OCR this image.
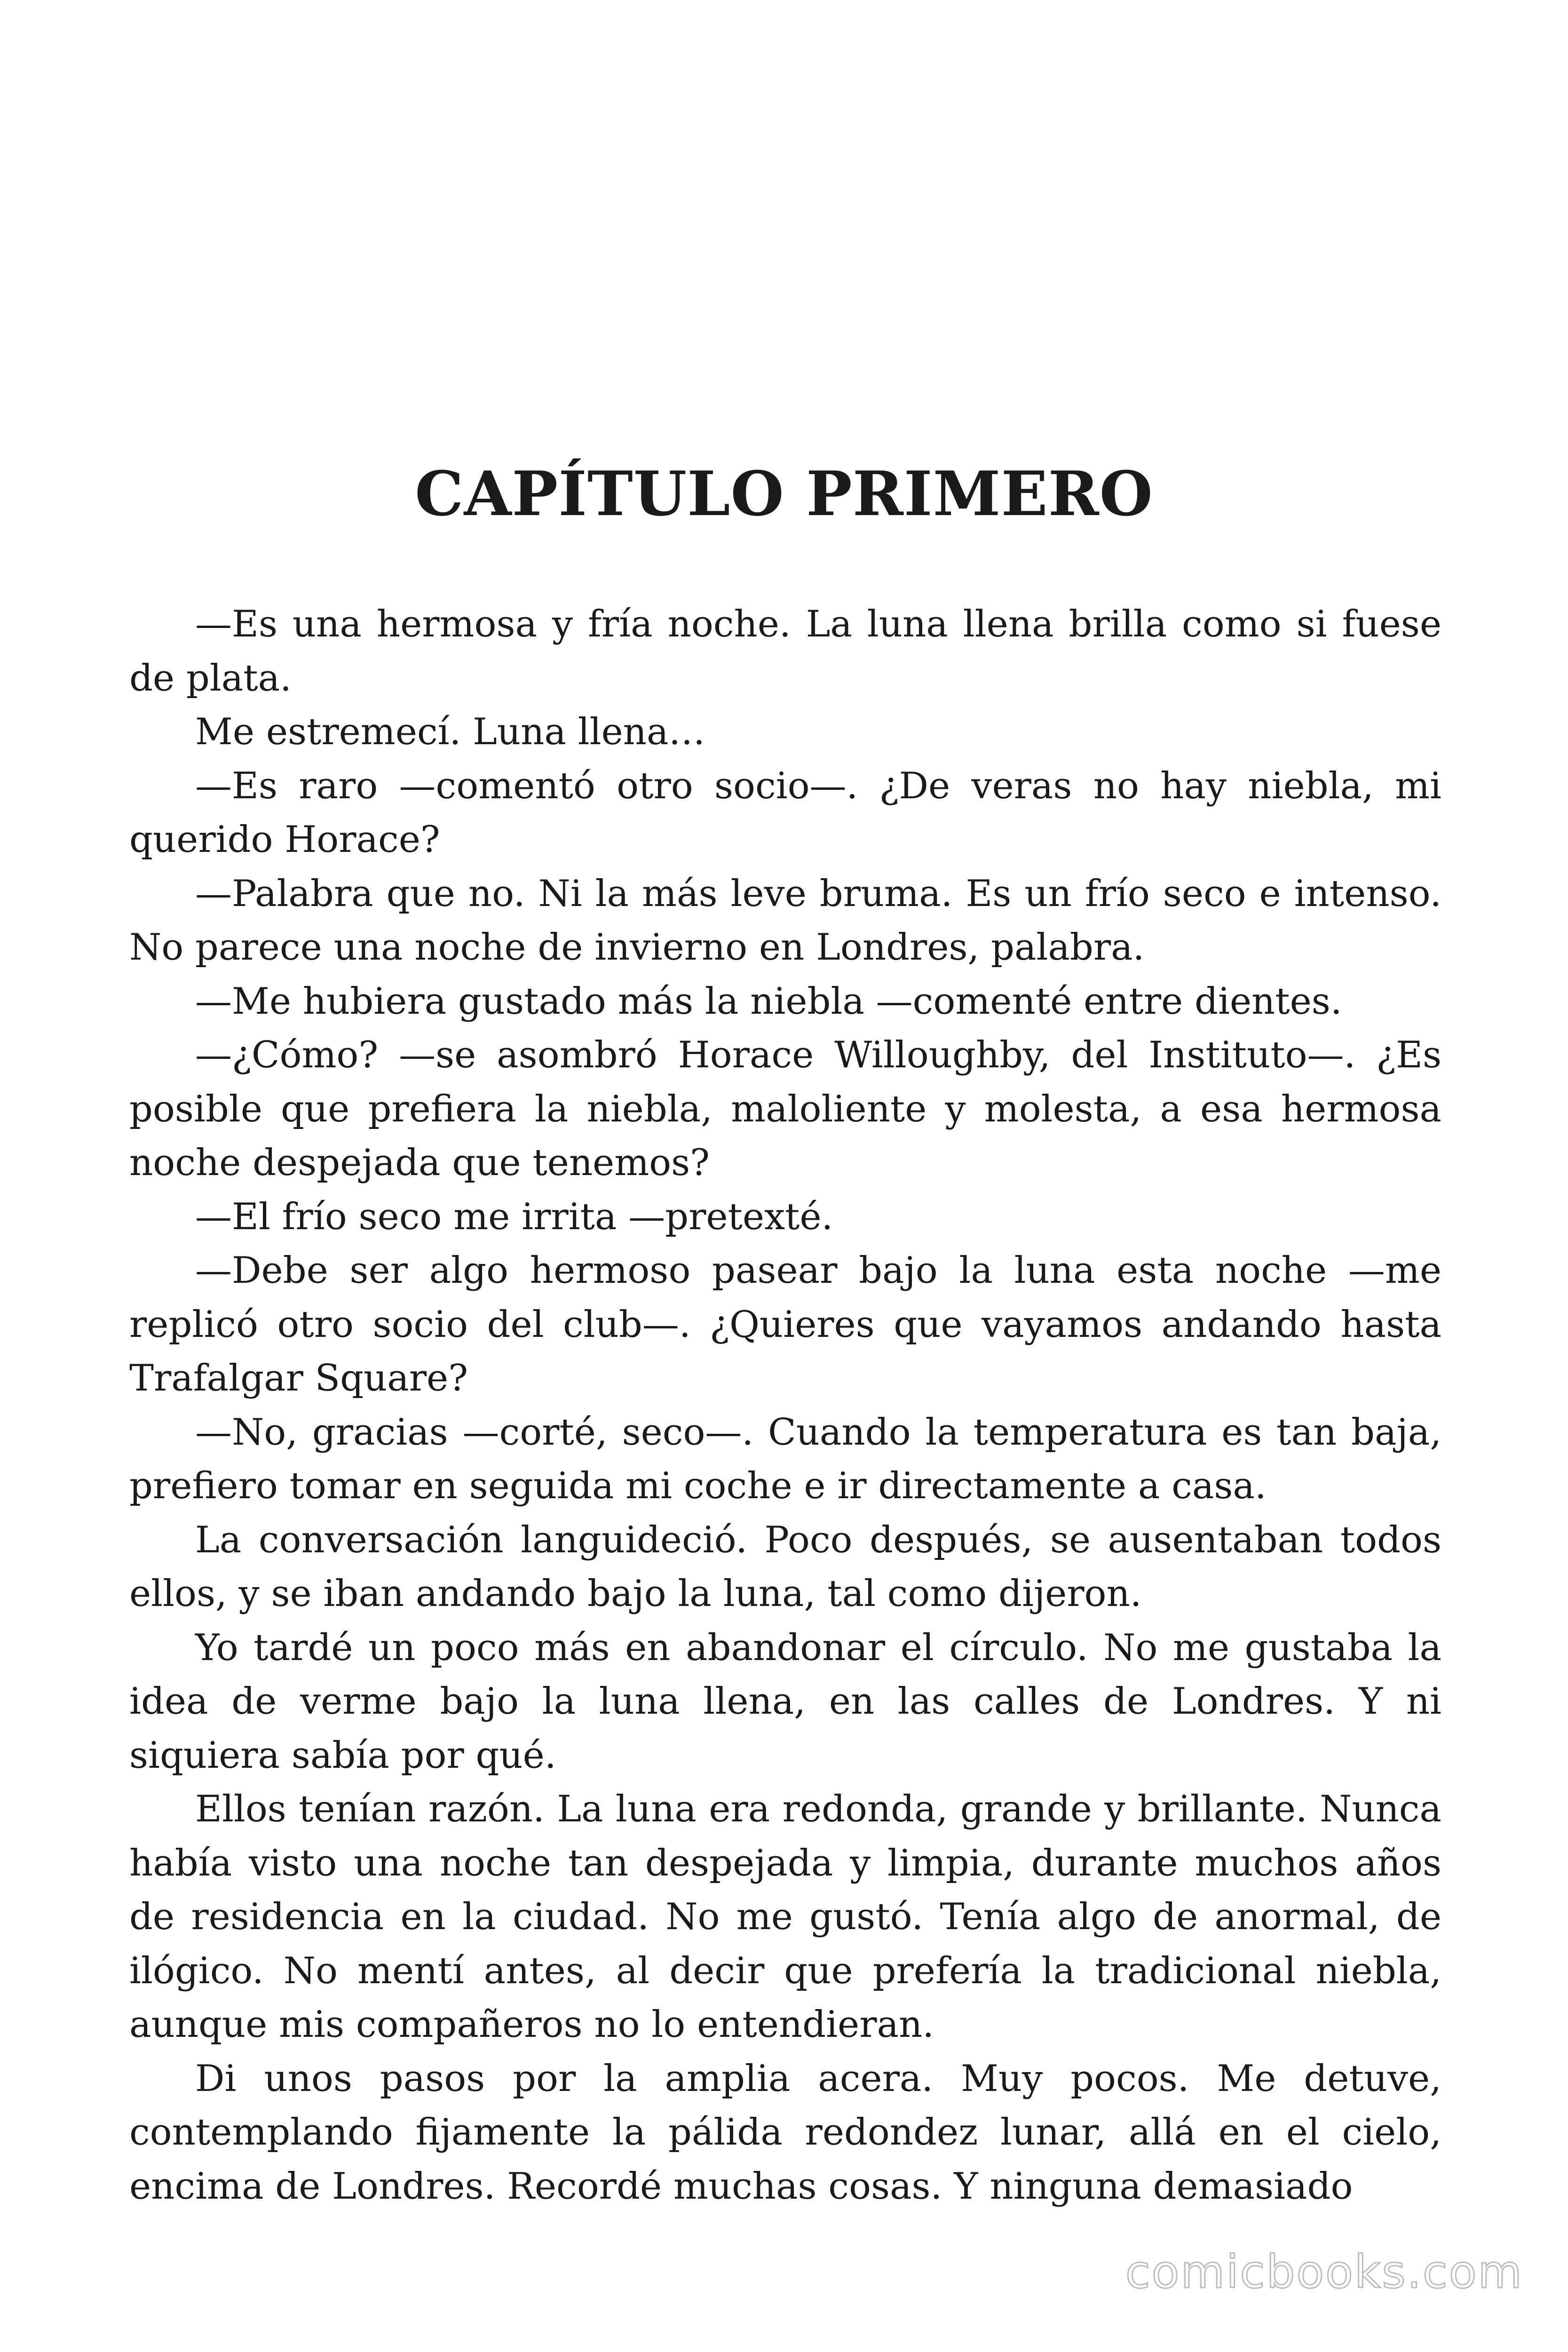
CAPÍTULO PRIMERO

—Es una hermosa y fría noche. La luna llena brilla como si fuese de plata.

Me estremecí. Luna llena…

—Es raro —comentó otro socio—. ¿De veras no hay niebla, mi querido Horace?

—Palabra que no. Ni la más leve bruma. Es un frío seco e intenso. No parece una noche de invierno en Londres, palabra.

—Me hubiera gustado más la niebla —comenté entre dientes.

—¿Cómo? —se asombró Horace Willoughby, del Instituto—. ¿Es posible que prefiera la niebla, maloliente y molesta, a esa hermosa noche despejada que tenemos?

—El frío seco me irrita —pretexté.

—Debe ser algo hermoso pasear bajo la luna esta noche —me replicó otro socio del club—. ¿Quieres que vayamos andando hasta Trafalgar Square?

—No, gracias —corté, seco—. Cuando la temperatura es tan baja, prefiero tomar en seguida mi coche e ir directamente a casa.

La conversación languideció. Poco después, se ausentaban todos ellos, y se iban andando bajo la luna, tal como dijeron.

Yo tardé un poco más en abandonar el círculo. No me gustaba la idea de verme bajo la luna llena, en las calles de Londres. Y ni siquiera sabía por qué.

Ellos tenían razón. La luna era redonda, grande y brillante. Nunca había visto una noche tan despejada y limpia, durante muchos años de residencia en la ciudad. No me gustó. Tenía algo de anormal, de ilógico. No mentí antes, al decir que prefería la tradicional niebla, aunque mis compañeros no lo entendieran.

Di unos pasos por la amplia acera. Muy pocos. Me detuve, contemplando fijamente la pálida redondez lunar, allá en el cielo, encima de Londres. Recordé muchas cosas. Y ninguna demasiado

comicbooks.com
